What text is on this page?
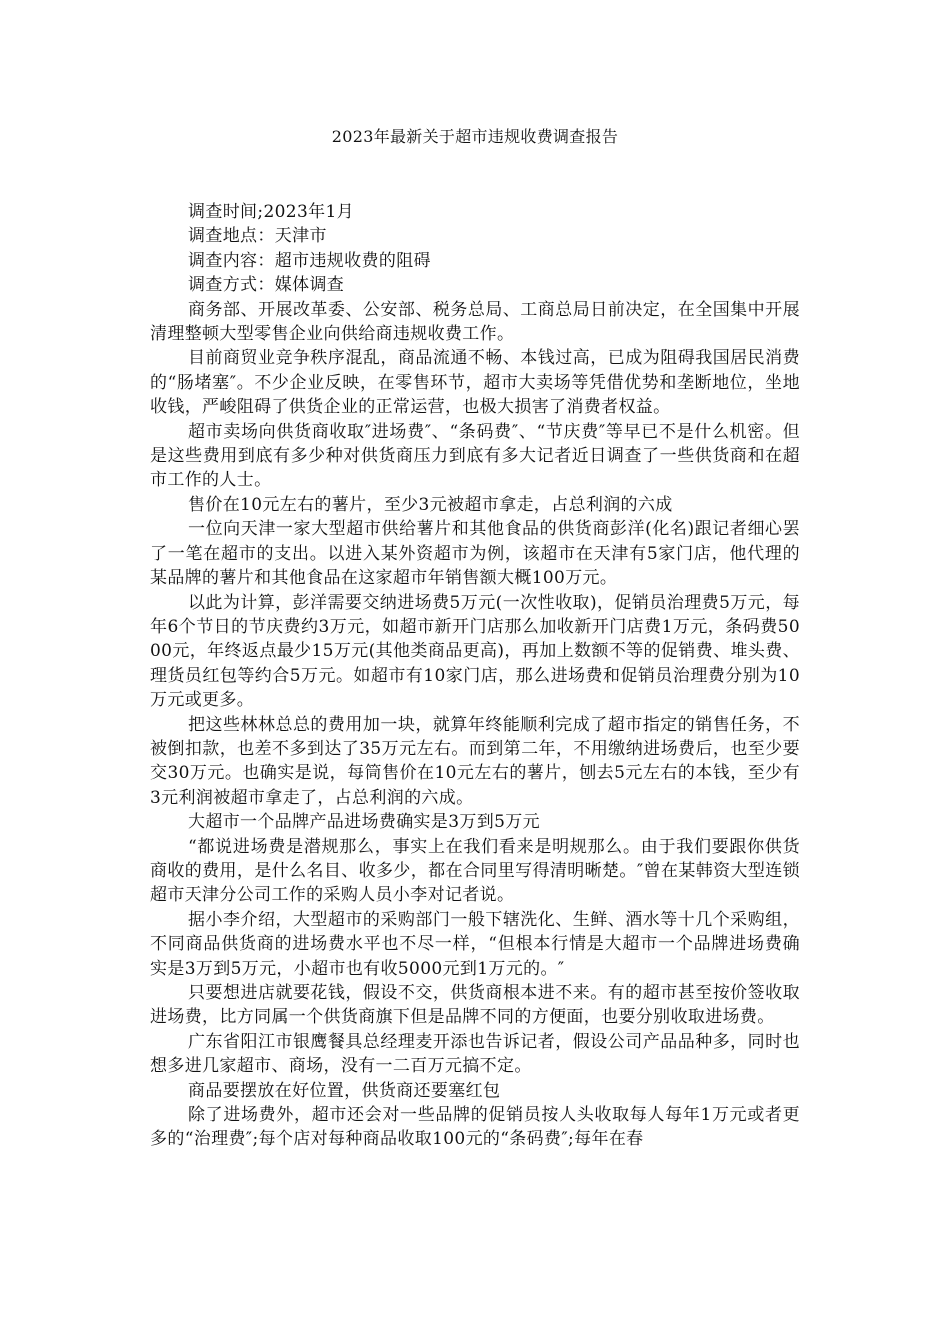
2023年最新关于超市违规收费调查报告

调查时间;2023年1月

调查地点：天津市

调查内容：超市违规收费的阻碍

调查方式：媒体调查

商务部、开展改革委、公安部、税务总局、工商总局日前决定，在全国集中开展清理整顿大型零售企业向供给商违规收费工作。

目前商贸业竞争秩序混乱，商品流通不畅、本钱过高，已成为阻碍我国居民消费的“肠堵塞″。不少企业反映，在零售环节，超市大卖场等凭借优势和垄断地位，坐地收钱，严峻阻碍了供货企业的正常运营，也极大损害了消费者权益。

超市卖场向供货商收取″进场费″、“条码费″、“节庆费″等早已不是什么机密。但是这些费用到底有多少种对供货商压力到底有多大记者近日调查了一些供货商和在超市工作的人士。

售价在10元左右的薯片，至少3元被超市拿走，占总利润的六成

一位向天津一家大型超市供给薯片和其他食品的供货商彭洋(化名)跟记者细心罢了一笔在超市的支出。以进入某外资超市为例，该超市在天津有5家门店，他代理的某品牌的薯片和其他食品在这家超市年销售额大概100万元。

以此为计算，彭洋需要交纳进场费5万元(一次性收取)，促销员治理费5万元，每年6个节日的节庆费约3万元，如超市新开门店那么加收新开门店费1万元，条码费5000元，年终返点最少15万元(其他类商品更高)，再加上数额不等的促销费、堆头费、理货员红包等约合5万元。如超市有10家门店，那么进场费和促销员治理费分别为10万元或更多。

把这些林林总总的费用加一块，就算年终能顺利完成了超市指定的销售任务，不被倒扣款，也差不多到达了35万元左右。而到第二年，不用缴纳进场费后，也至少要交30万元。也确实是说，每筒售价在10元左右的薯片，刨去5元左右的本钱，至少有3元利润被超市拿走了，占总利润的六成。

大超市一个品牌产品进场费确实是3万到5万元

“都说进场费是潜规那么，事实上在我们看来是明规那么。由于我们要跟你供货商收的费用，是什么名目、收多少，都在合同里写得清明晰楚。″曾在某韩资大型连锁超市天津分公司工作的采购人员小李对记者说。

据小李介绍，大型超市的采购部门一般下辖洗化、生鲜、酒水等十几个采购组，不同商品供货商的进场费水平也不尽一样，“但根本行情是大超市一个品牌进场费确实是3万到5万元，小超市也有收5000元到1万元的。″

只要想进店就要花钱，假设不交，供货商根本进不来。有的超市甚至按价签收取进场费，比方同属一个供货商旗下但是品牌不同的方便面，也要分别收取进场费。

广东省阳江市银鹰餐具总经理麦开添也告诉记者，假设公司产品品种多，同时也想多进几家超市、商场，没有一二百万元搞不定。

商品要摆放在好位置，供货商还要塞红包

除了进场费外，超市还会对一些品牌的促销员按人头收取每人每年1万元或者更多的“治理费″;每个店对每种商品收取100元的“条码费″;每年在春
